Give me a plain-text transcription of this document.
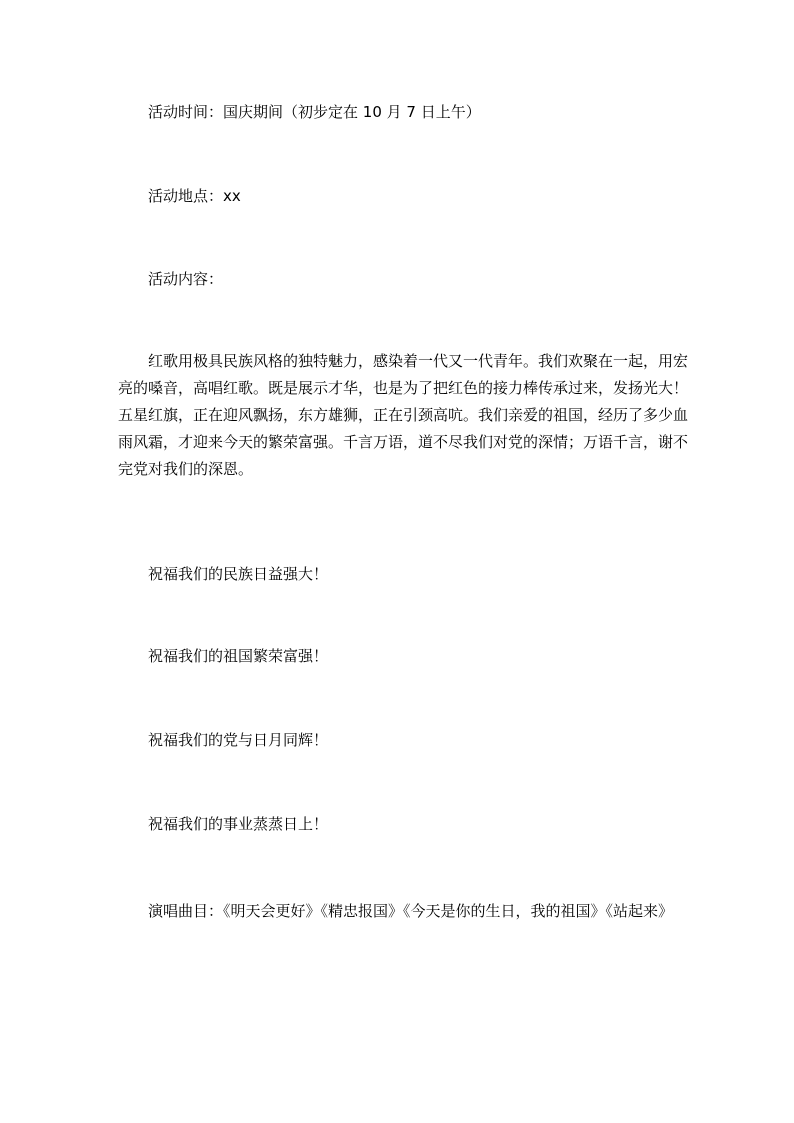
活动时间：国庆期间（初步定在 10 月 7 日上午）

活动地点：xx

活动内容：

红歌用极具民族风格的独特魅力，感染着一代又一代青年。我们欢聚在一起，用宏亮的嗓音，高唱红歌。既是展示才华，也是为了把红色的接力棒传承过来，发扬光大！五星红旗，正在迎风飘扬，东方雄狮，正在引颈高吭。我们亲爱的祖国，经历了多少血雨风霜，才迎来今天的繁荣富强。千言万语，道不尽我们对党的深情；万语千言，谢不完党对我们的深恩。

祝福我们的民族日益强大！

祝福我们的祖国繁荣富强！

祝福我们的党与日月同辉！

祝福我们的事业蒸蒸日上！

演唱曲目：《明天会更好》《精忠报国》《今天是你的生日，我的祖国》《站起来》
